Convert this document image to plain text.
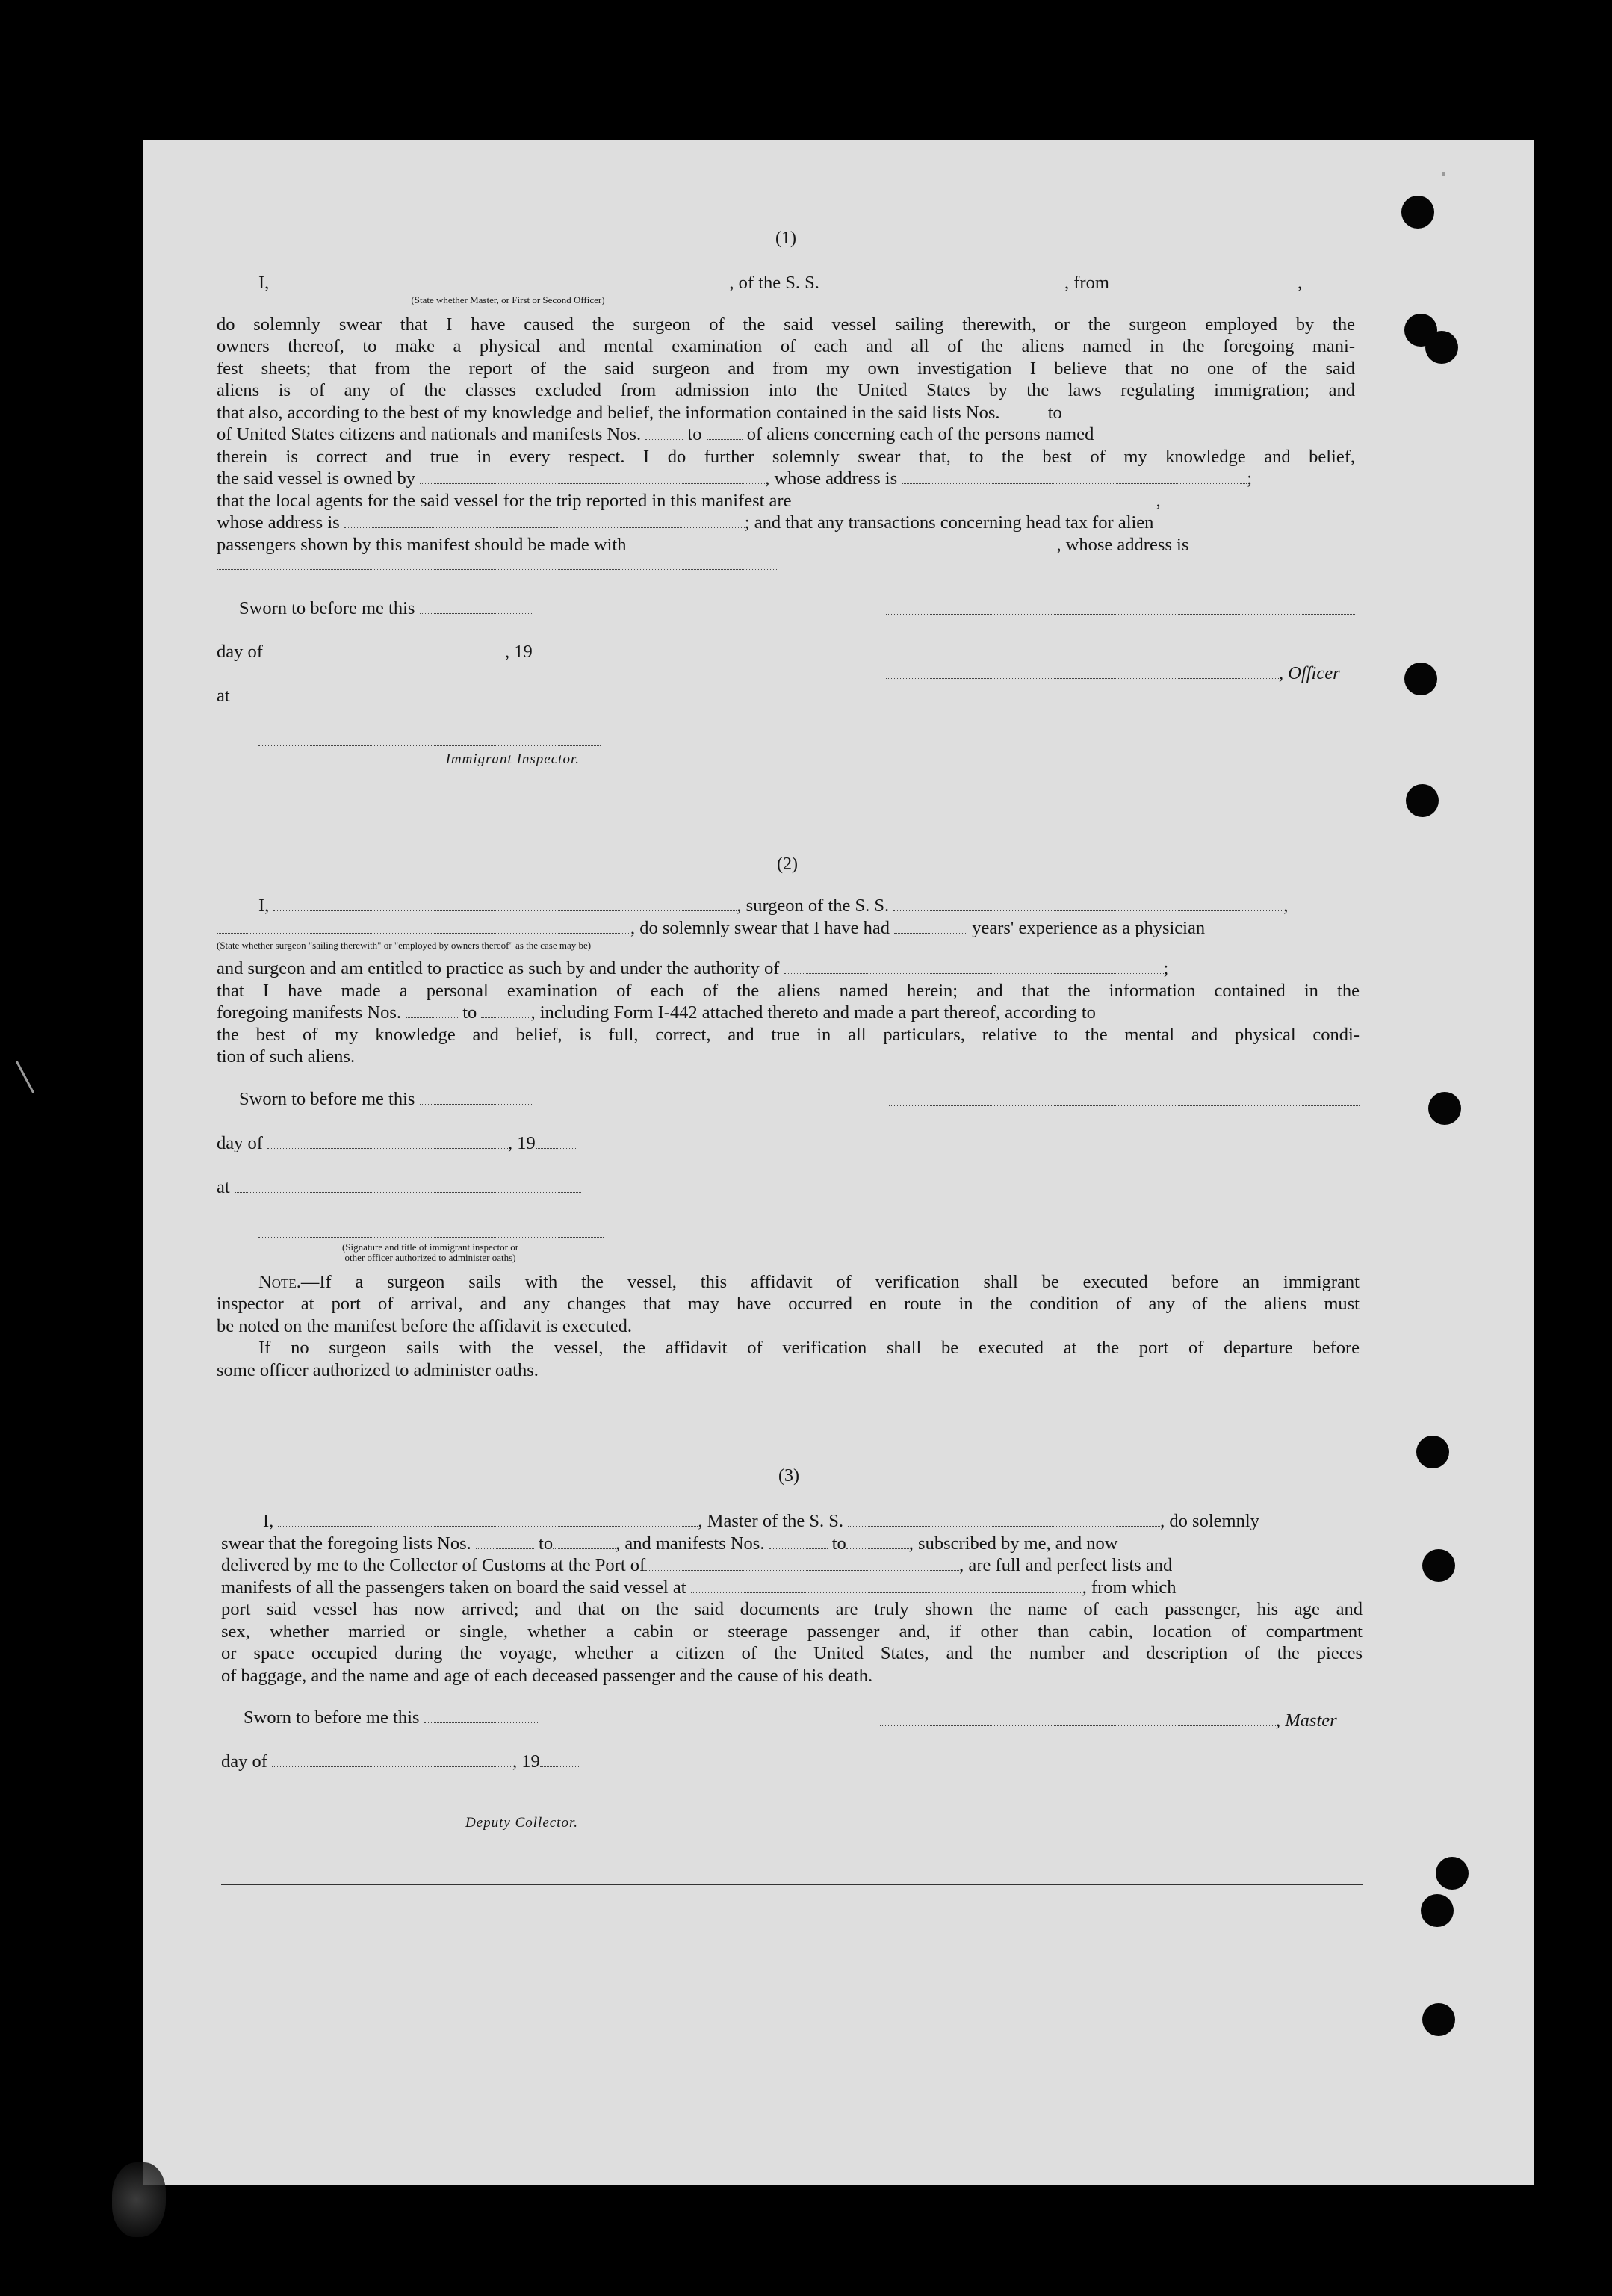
(1)
I,	, of the S. S.	, from	,
(State whether Master, or First or Second Officer)
do solemnly swear that I have caused the surgeon of the said vessel sailing therewith, or the surgeon employed by the
owners thereof, to make a physical and mental examination of each and all of the aliens named in the foregoing mani-
fest sheets; that from the report of the said surgeon and from my own investigation I believe that no one of the said
aliens is of any of the classes excluded from admission into the United States by the laws regulating immigration; and
that also, according to the best of my knowledge and belief, the information contained in the said lists Nos.	to
of United States citizens and nationals and manifests Nos.	to of aliens concerning each of the persons named
therein is correct and true in every respect. I do further solemnly swear that, to the best of my knowledge and belief,
the said vessel is owned by	, whose address is	;
that the local agents for the said vessel for the trip reported in this manifest are	,
whose address is	; and that any transactions concerning head tax for alien
passengers shown by this manifest should be made with	, whose address is
Sworn to before me this
day of	, 19
, Officer
at
Immigrant Inspector.
(2)
I,	, surgeon of the S. S.	,
, do solemnly swear that I have had	years' experience as a physician
(State whether surgeon "sailing therewith" or "employed by owners thereof" as the case may be)
and surgeon and am entitled to practice as such by and under the authority of	;
that I have made a personal examination of each of the aliens named herein; and that the information contained in the
foregoing manifests Nos.	to	, including Form I-442 attached thereto and made a part thereof, according to
the best of my knowledge and belief, is full, correct, and true in all particulars, relative to the mental and physical condi-
tion of such aliens.
Sworn to before me this
day of	, 19
at
(Signature and title of immigrant inspector or
other officer authorized to administer oaths)
Note.—If a surgeon sails with the vessel, this affidavit of verification shall be executed before an immigrant
inspector at port of arrival, and any changes that may have occurred en route in the condition of any of the aliens must
be noted on the manifest before the affidavit is executed.
If no surgeon sails with the vessel, the affidavit of verification shall be executed at the port of departure before
some officer authorized to administer oaths.
(3)
I,	, Master of the S. S.	, do solemnly
swear that the foregoing lists Nos.	to	, and manifests Nos.	to	, subscribed by me, and now
delivered by me to the Collector of Customs at the Port of	, are full and perfect lists and
manifests of all the passengers taken on board the said vessel at	, from which
port said vessel has now arrived; and that on the said documents are truly shown the name of each passenger, his age and
sex, whether married or single, whether a cabin or steerage passenger and, if other than cabin, location of compartment
or space occupied during the voyage, whether a citizen of the United States, and the number and description of the pieces
of baggage, and the name and age of each deceased passenger and the cause of his death.
Sworn to before me this	, Master
day of	, 19
Deputy Collector.
